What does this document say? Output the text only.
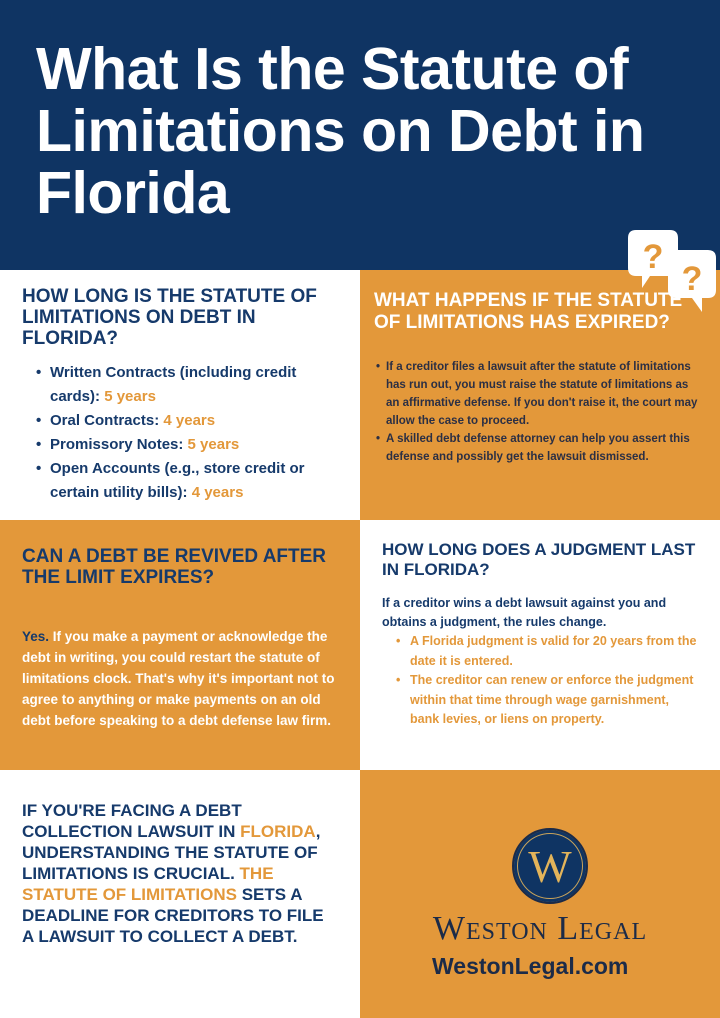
What Is the Statute of Limitations on Debt in Florida
HOW LONG IS THE STATUTE OF LIMITATIONS ON DEBT IN FLORIDA?
• Written Contracts (including credit cards): 5 years
• Oral Contracts: 4 years
• Promissory Notes: 5 years
• Open Accounts (e.g., store credit or certain utility bills): 4 years
WHAT HAPPENS IF THE STATUTE OF LIMITATIONS HAS EXPIRED?
• If a creditor files a lawsuit after the statute of limitations has run out, you must raise the statute of limitations as an affirmative defense. If you don't raise it, the court may allow the case to proceed.
• A skilled debt defense attorney can help you assert this defense and possibly get the lawsuit dismissed.
?
?
CAN A DEBT BE REVIVED AFTER THE LIMIT EXPIRES?

Yes. If you make a payment or acknowledge the debt in writing, you could restart the statute of limitations clock. That's why it's important not to agree to anything or make payments on an old debt before speaking to a debt defense law firm.

HOW LONG DOES A JUDGMENT LAST IN FLORIDA?

If a creditor wins a debt lawsuit against you and obtains a judgment, the rules change.

• A Florida judgment is valid for 20 years from the date it is entered.
• The creditor can renew or enforce the judgment within that time through wage garnishment, bank levies, or liens on property.

IF YOU'RE FACING A DEBT COLLECTION LAWSUIT IN FLORIDA, UNDERSTANDING THE STATUTE OF LIMITATIONS IS CRUCIAL. THE STATUTE OF LIMITATIONS SETS A DEADLINE FOR CREDITORS TO FILE A LAWSUIT TO COLLECT A DEBT.

W
Weston Legal
WestonLegal.com
